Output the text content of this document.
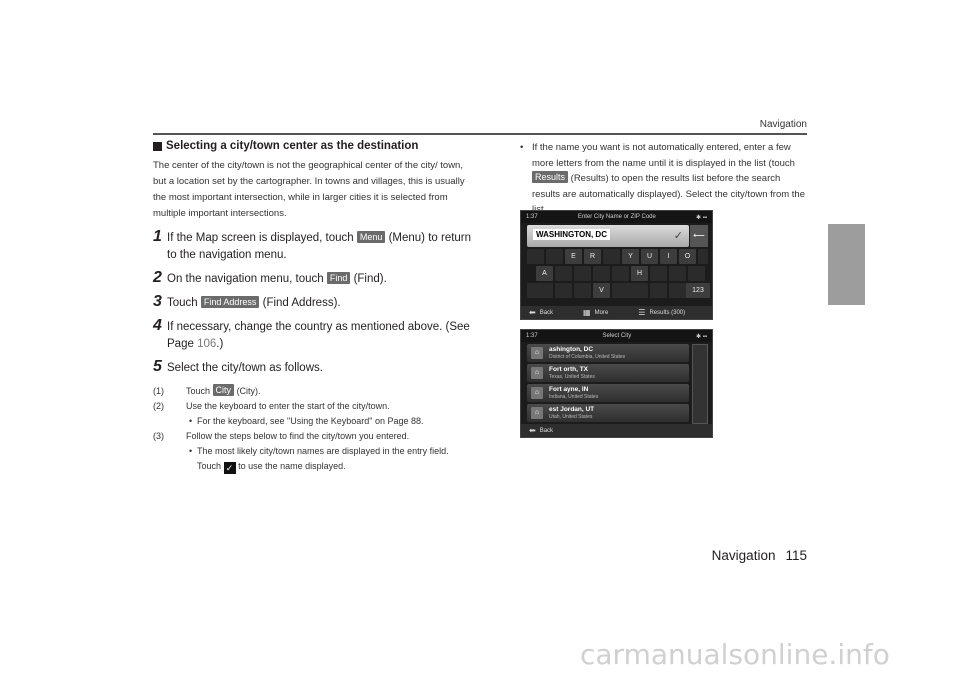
Navigation
Selecting a city/town center as the destination

The center of the city/town is not the geographical center of the city/ town, but a location set by the cartographer. In towns and villages, this is usually the most important intersection, while in larger cities it is selected from multiple important intersections.

1 If the Map screen is displayed, touch Menu (Menu) to return to the navigation menu.
2 On the navigation menu, touch Find (Find).
3 Touch Find Address (Find Address).
4 If necessary, change the country as mentioned above. (See Page 106.)
5 Select the city/town as follows.
(1)	Touch City (City).
(2)	Use the keyboard to enter the start of the city/town.
• For the keyboard, see "Using the Keyboard" on Page 88.
(3)	Follow the steps below to find the city/town you entered.
• The most likely city/town names are displayed in the entry field. Touch ✓ to use the name displayed.
• If the name you want is not automatically entered, enter a few more letters from the name until it is displayed in the list (touch Results (Results) to open the results list before the search results are automatically displayed). Select the city/town from the
1:37	Enter City Name or ZIP Code	✱ ▪▪
WASHINGTON, DC	✓	⟵
E	R	Y	U	I	O
A	H
V	123
⬅ Back	▦ More	☰ Results (300)
1:37	Select City	✱ ▪▪
⌂	ashington, DC
District of Columbia, United States
⌂	Fort orth, TX
Texas, United States
⌂	Fort ayne, IN
Indiana, United States
⌂	est Jordan, UT
Utah, United States
⬅ Back
Navigation 115
carmanualsonline.info
